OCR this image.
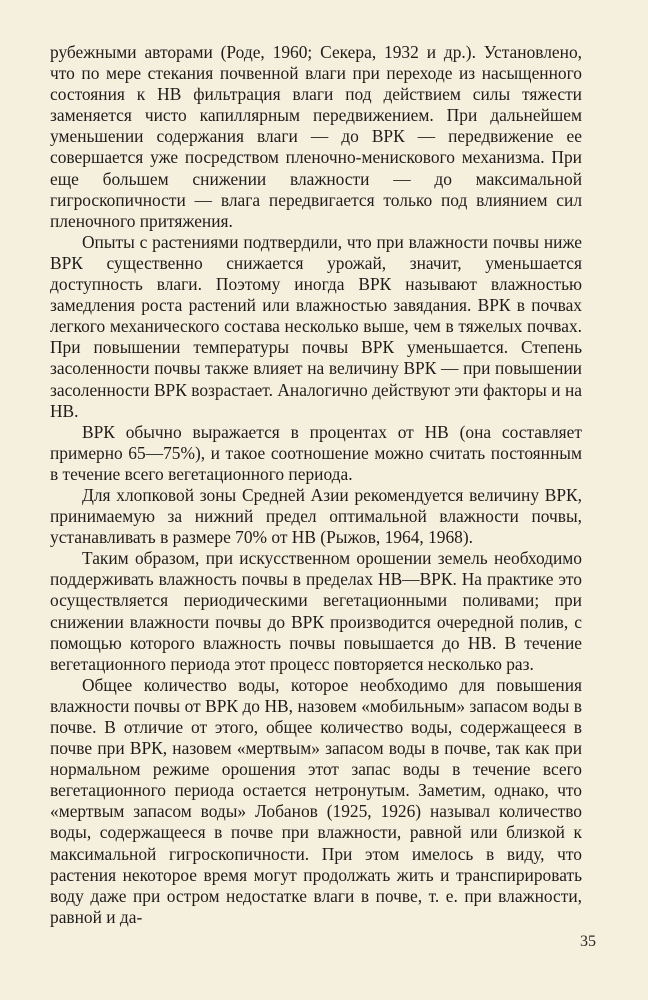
рубежными авторами (Роде, 1960; Секера, 1932 и др.). Установлено, что по мере стекания почвенной влаги при переходе из насыщенного состояния к НВ фильтрация влаги под действием силы тяжести заменяется чисто капиллярным передвижением. При дальнейшем уменьшении содержания влаги — до ВРК — передвижение ее совершается уже посредством пленочно-менискового механизма. При еще большем снижении влажности — до максимальной гигроскопичности — влага передвигается только под влиянием сил пленочного притяжения.

Опыты с растениями подтвердили, что при влажности почвы ниже ВРК существенно снижается урожай, значит, уменьшается доступность влаги. Поэтому иногда ВРК называют влажностью замедления роста растений или влажностью завядания. ВРК в почвах легкого механического состава несколько выше, чем в тяжелых почвах. При повышении температуры почвы ВРК уменьшается. Степень засоленности почвы также влияет на величину ВРК — при повышении засоленности ВРК возрастает. Аналогично действуют эти факторы и на НВ.

ВРК обычно выражается в процентах от НВ (она составляет примерно 65—75%), и такое соотношение можно считать постоянным в течение всего вегетационного периода.

Для хлопковой зоны Средней Азии рекомендуется величину ВРК, принимаемую за нижний предел оптимальной влажности почвы, устанавливать в размере 70% от НВ (Рыжов, 1964, 1968).

Таким образом, при искусственном орошении земель необходимо поддерживать влажность почвы в пределах НВ—ВРК. На практике это осуществляется периодическими вегетационными поливами; при снижении влажности почвы до ВРК производится очередной полив, с помощью которого влажность почвы повышается до НВ. В течение вегетационного периода этот процесс повторяется несколько раз.

Общее количество воды, которое необходимо для повышения влажности почвы от ВРК до НВ, назовем «мобильным» запасом воды в почве. В отличие от этого, общее количество воды, содержащееся в почве при ВРК, назовем «мертвым» запасом воды в почве, так как при нормальном режиме орошения этот запас воды в течение всего вегетационного периода остается нетронутым. Заметим, однако, что «мертвым запасом воды» Лобанов (1925, 1926) называл количество воды, содержащееся в почве при влажности, равной или близкой к максимальной гигроскопичности. При этом имелось в виду, что растения некоторое время могут продолжать жить и транспирировать воду даже при остром недостатке влаги в почве, т. е. при влажности, равной и да-

35
